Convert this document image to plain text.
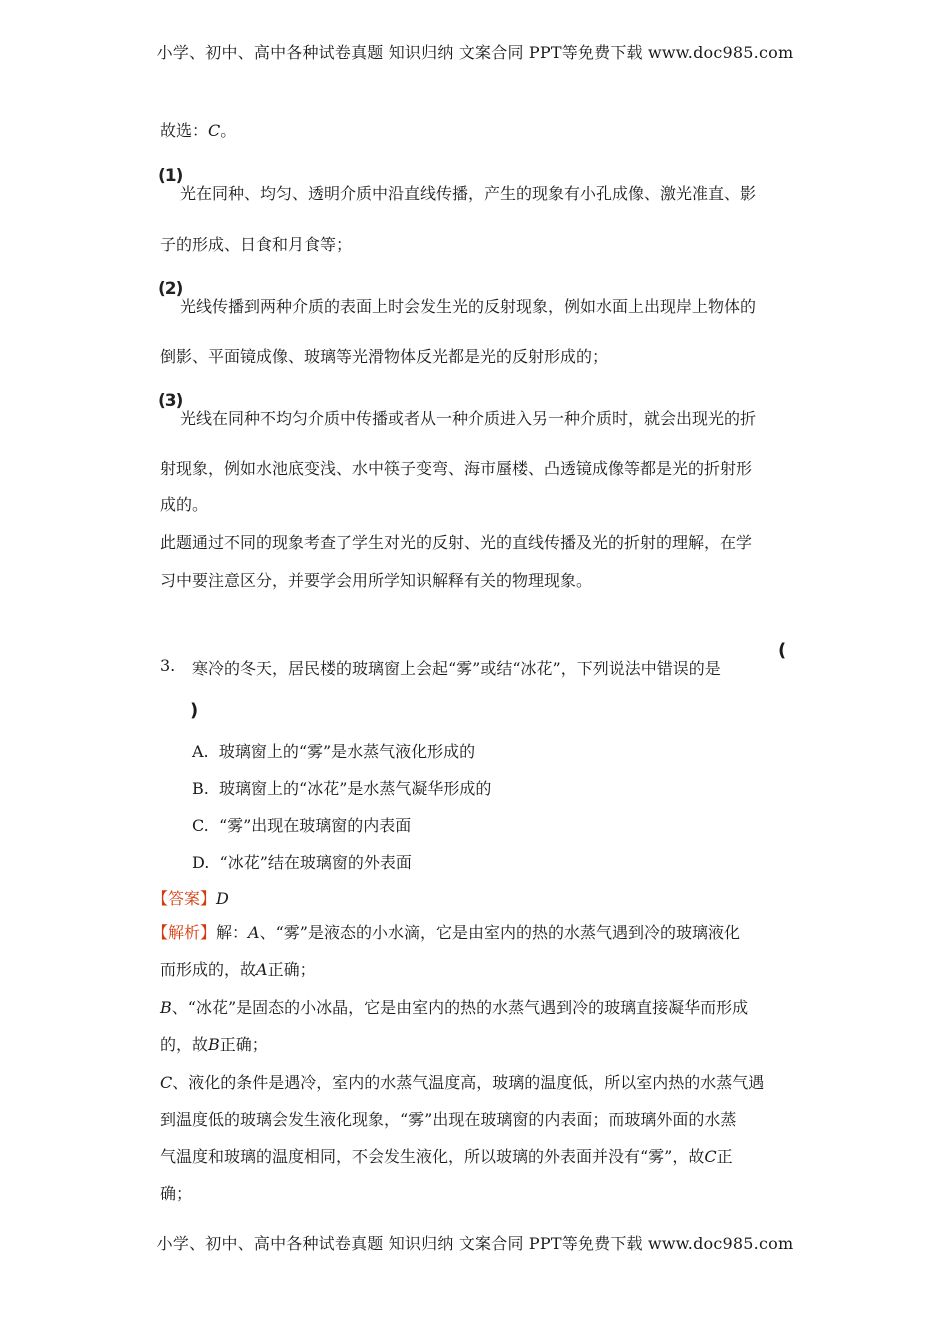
小学、初中、高中各种试卷真题 知识归纳 文案合同 PPT等免费下载 www.doc985.com
故选：C。
(1)
光在同种、均匀、透明介质中沿直线传播，产生的现象有小孔成像、激光准直、影
子的形成、日食和月食等；
(2)
光线传播到两种介质的表面上时会发生光的反射现象，例如水面上出现岸上物体的
倒影、平面镜成像、玻璃等光滑物体反光都是光的反射形成的；
(3)
光线在同种不均匀介质中传播或者从一种介质进入另一种介质时，就会出现光的折
射现象，例如水池底变浅、水中筷子变弯、海市蜃楼、凸透镜成像等都是光的折射形
成的。
此题通过不同的现象考查了学生对光的反射、光的直线传播及光的折射的理解，在学
习中要注意区分，并要学会用所学知识解释有关的物理现象。
3. 寒冷的冬天，居民楼的玻璃窗上会起“雾”或结“冰花”，下列说法中错误的是
(
)
A. 玻璃窗上的“雾”是水蒸气液化形成的
B. 玻璃窗上的“冰花”是水蒸气凝华形成的
C. “雾”出现在玻璃窗的内表面
D. “冰花”结在玻璃窗的外表面
【答案】D
【解析】解：A、“雾”是液态的小水滴，它是由室内的热的水蒸气遇到冷的玻璃液化
而形成的，故A正确；
B、“冰花”是固态的小冰晶，它是由室内的热的水蒸气遇到冷的玻璃直接凝华而形成
的，故B正确；
C、液化的条件是遇冷，室内的水蒸气温度高，玻璃的温度低，所以室内热的水蒸气遇
到温度低的玻璃会发生液化现象，“雾”出现在玻璃窗的内表面；而玻璃外面的水蒸
气温度和玻璃的温度相同，不会发生液化，所以玻璃的外表面并没有“雾”，故C正
确；
小学、初中、高中各种试卷真题 知识归纳 文案合同 PPT等免费下载 www.doc985.com
